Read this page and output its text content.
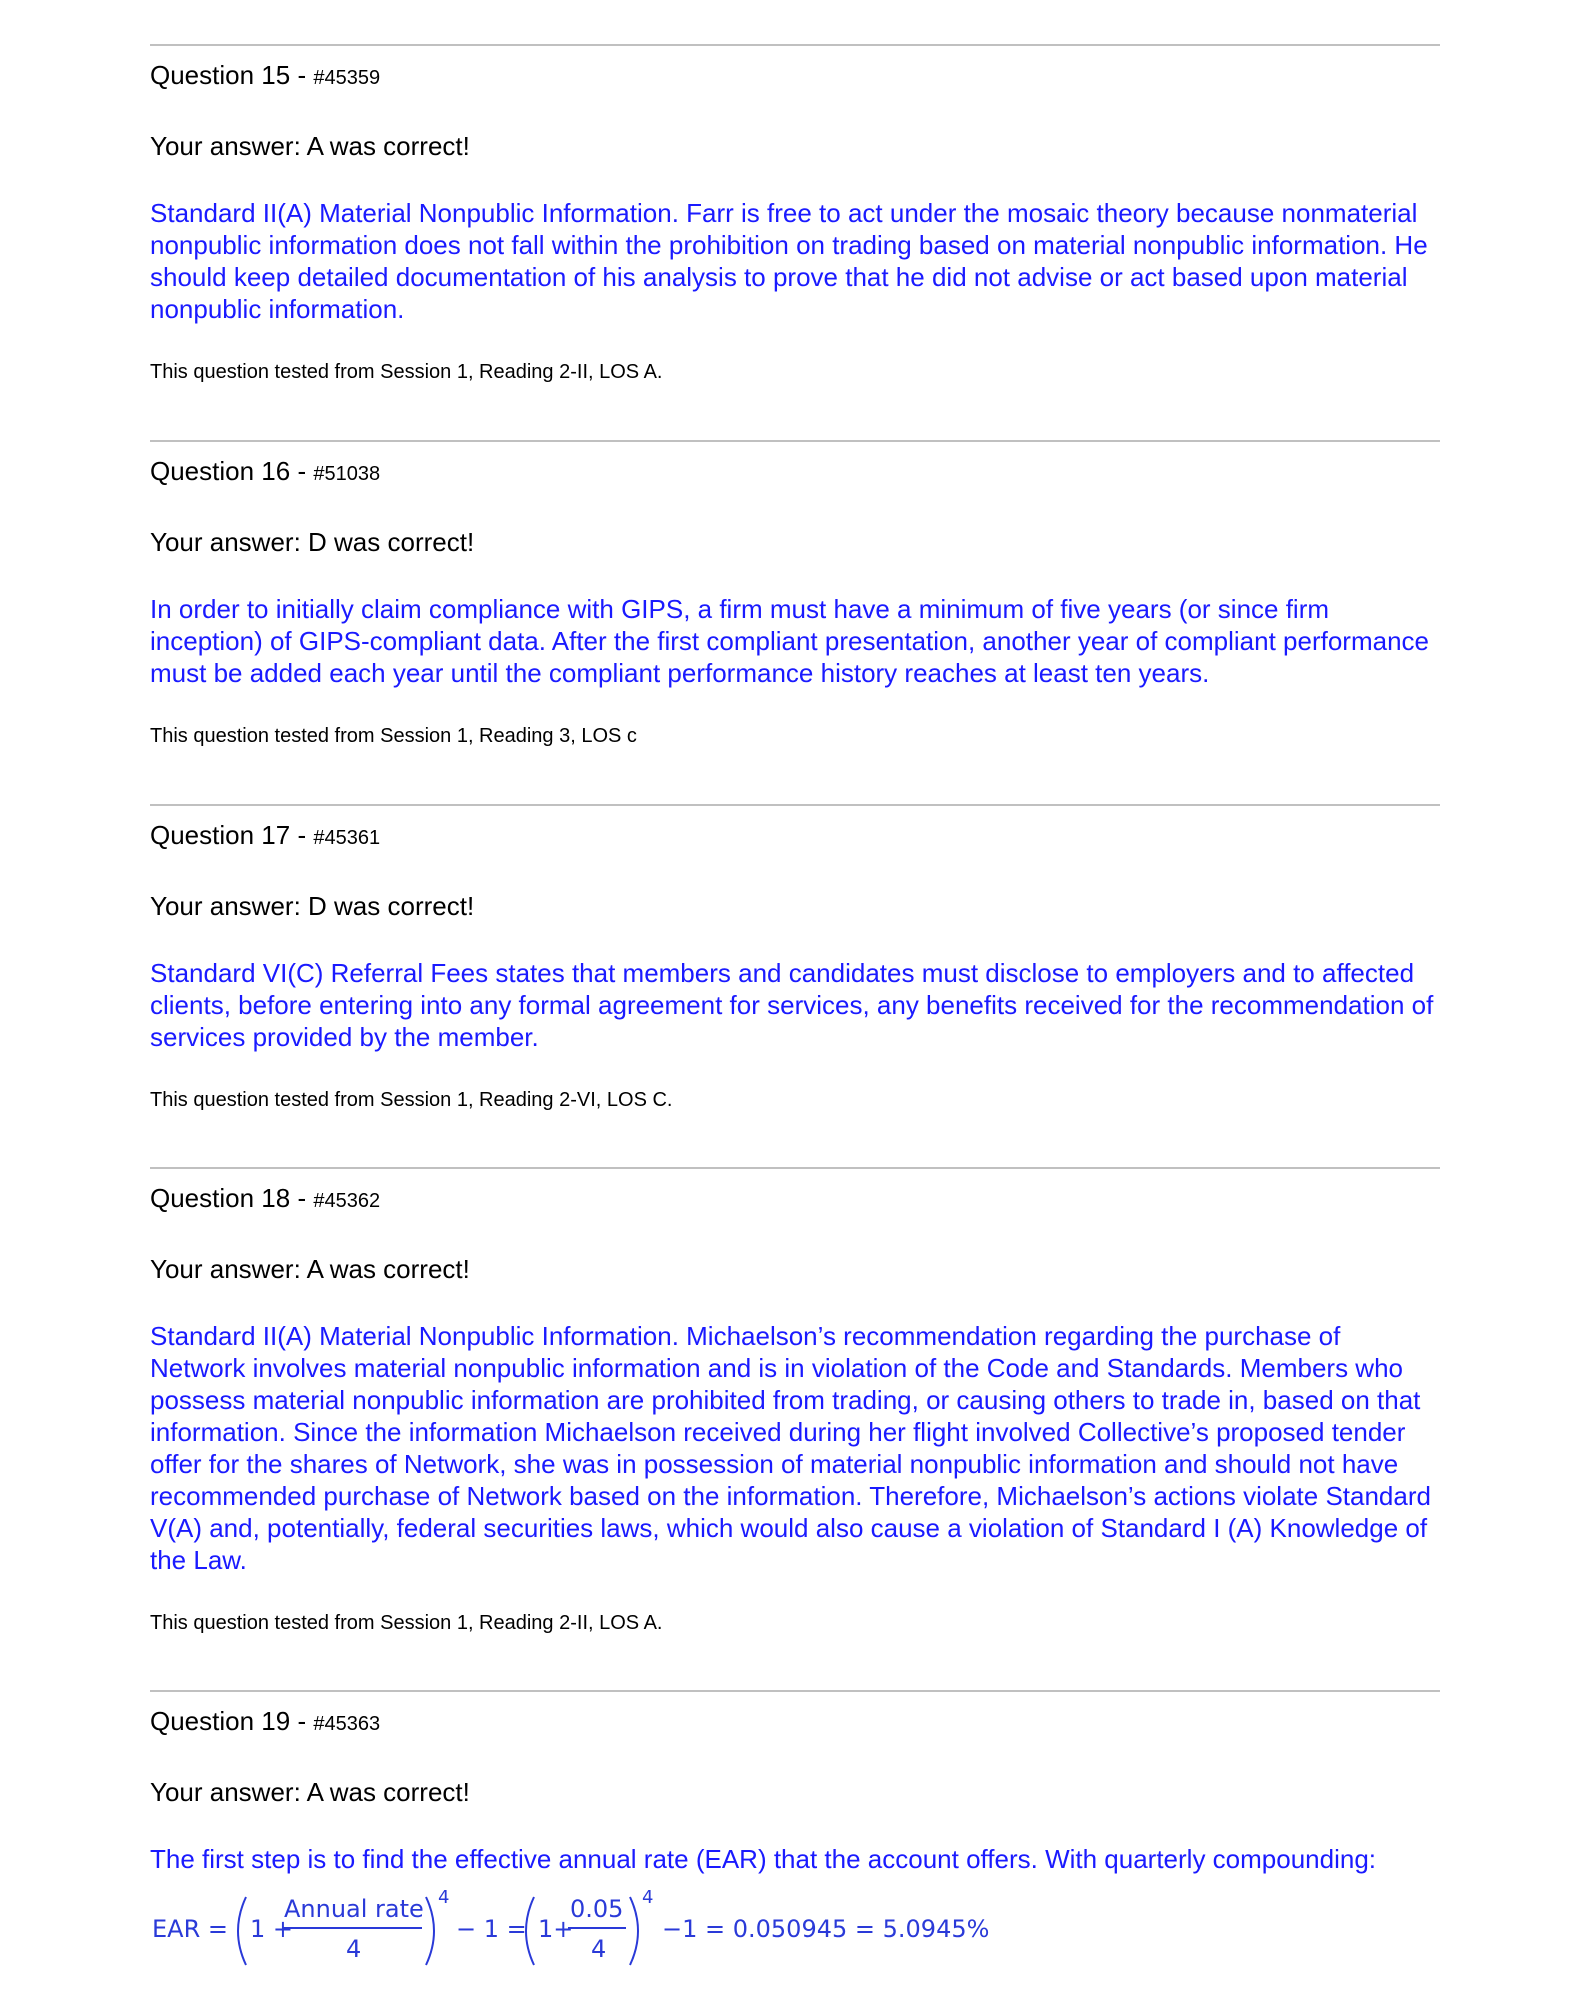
Question 15 - #45359
Your answer: A was correct!
Standard II(A) Material Nonpublic Information. Farr is free to act under the mosaic theory because nonmaterial nonpublic information does not fall within the prohibition on trading based on material nonpublic information. He should keep detailed documentation of his analysis to prove that he did not advise or act based upon material nonpublic information.
This question tested from Session 1, Reading 2-II, LOS A.
Question 16 - #51038
Your answer: D was correct!
In order to initially claim compliance with GIPS, a firm must have a minimum of five years (or since firm inception) of GIPS-compliant data. After the first compliant presentation, another year of compliant performance must be added each year until the compliant performance history reaches at least ten years.
This question tested from Session 1, Reading 3, LOS c
Question 17 - #45361
Your answer: D was correct!
Standard VI(C) Referral Fees states that members and candidates must disclose to employers and to affected clients, before entering into any formal agreement for services, any benefits received for the recommendation of services provided by the member.
This question tested from Session 1, Reading 2-VI, LOS C.
Question 18 - #45362
Your answer: A was correct!
Standard II(A) Material Nonpublic Information. Michaelson’s recommendation regarding the purchase of Network involves material nonpublic information and is in violation of the Code and Standards. Members who possess material nonpublic information are prohibited from trading, or causing others to trade in, based on that information. Since the information Michaelson received during her flight involved Collective’s proposed tender offer for the shares of Network, she was in possession of material nonpublic information and should not have recommended purchase of Network based on the information. Therefore, Michaelson’s actions violate Standard V(A) and, potentially, federal securities laws, which would also cause a violation of Standard I (A) Knowledge of the Law.
This question tested from Session 1, Reading 2-II, LOS A.
Question 19 - #45363
Your answer: A was correct!
The first step is to find the effective annual rate (EAR) that the account offers. With quarterly compounding:
EAR = 1 +
Annual rate
4
4
− 1 = 1+
0.05
4
4
−1 = 0.050945 = 5.0945%
